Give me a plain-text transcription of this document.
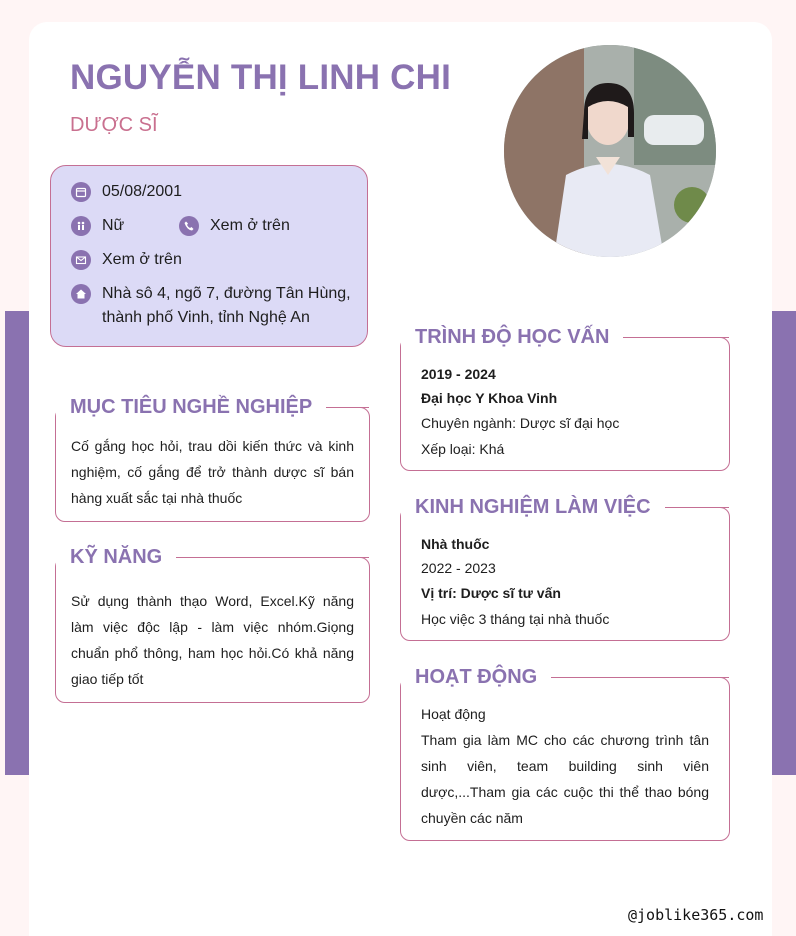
NGUYỄN THỊ LINH CHI
DƯỢC SĨ
05/08/2001
Nữ	Xem ở trên
Xem ở trên
Nhà sô 4, ngõ 7, đường Tân Hùng,
thành phố Vinh, tỉnh Nghệ An
MỤC TIÊU NGHỀ NGHIỆP
Cố gắng học hỏi, trau dồi kiến thức và kinh nghiệm, cố gắng để trở thành dược sĩ bán hàng xuất sắc tại nhà thuốc
KỸ NĂNG
Sử dụng thành thạo Word, Excel.Kỹ năng làm việc độc lập - làm việc nhóm.Giọng chuẩn phổ thông, ham học hỏi.Có khả năng giao tiếp tốt
TRÌNH ĐỘ HỌC VẤN
2019 - 2024
Đại học Y Khoa Vinh
Chuyên ngành: Dược sĩ đại học
Xếp loại: Khá
KINH NGHIỆM LÀM VIỆC
Nhà thuốc
2022 - 2023
Vị trí: Dược sĩ tư vấn
Học việc 3 tháng tại nhà thuốc
HOẠT ĐỘNG
Hoạt động
Tham gia làm MC cho các chương trình tân sinh viên, team building sinh viên dược,...Tham gia các cuộc thi thể thao bóng chuyền các năm
@joblike365.com
